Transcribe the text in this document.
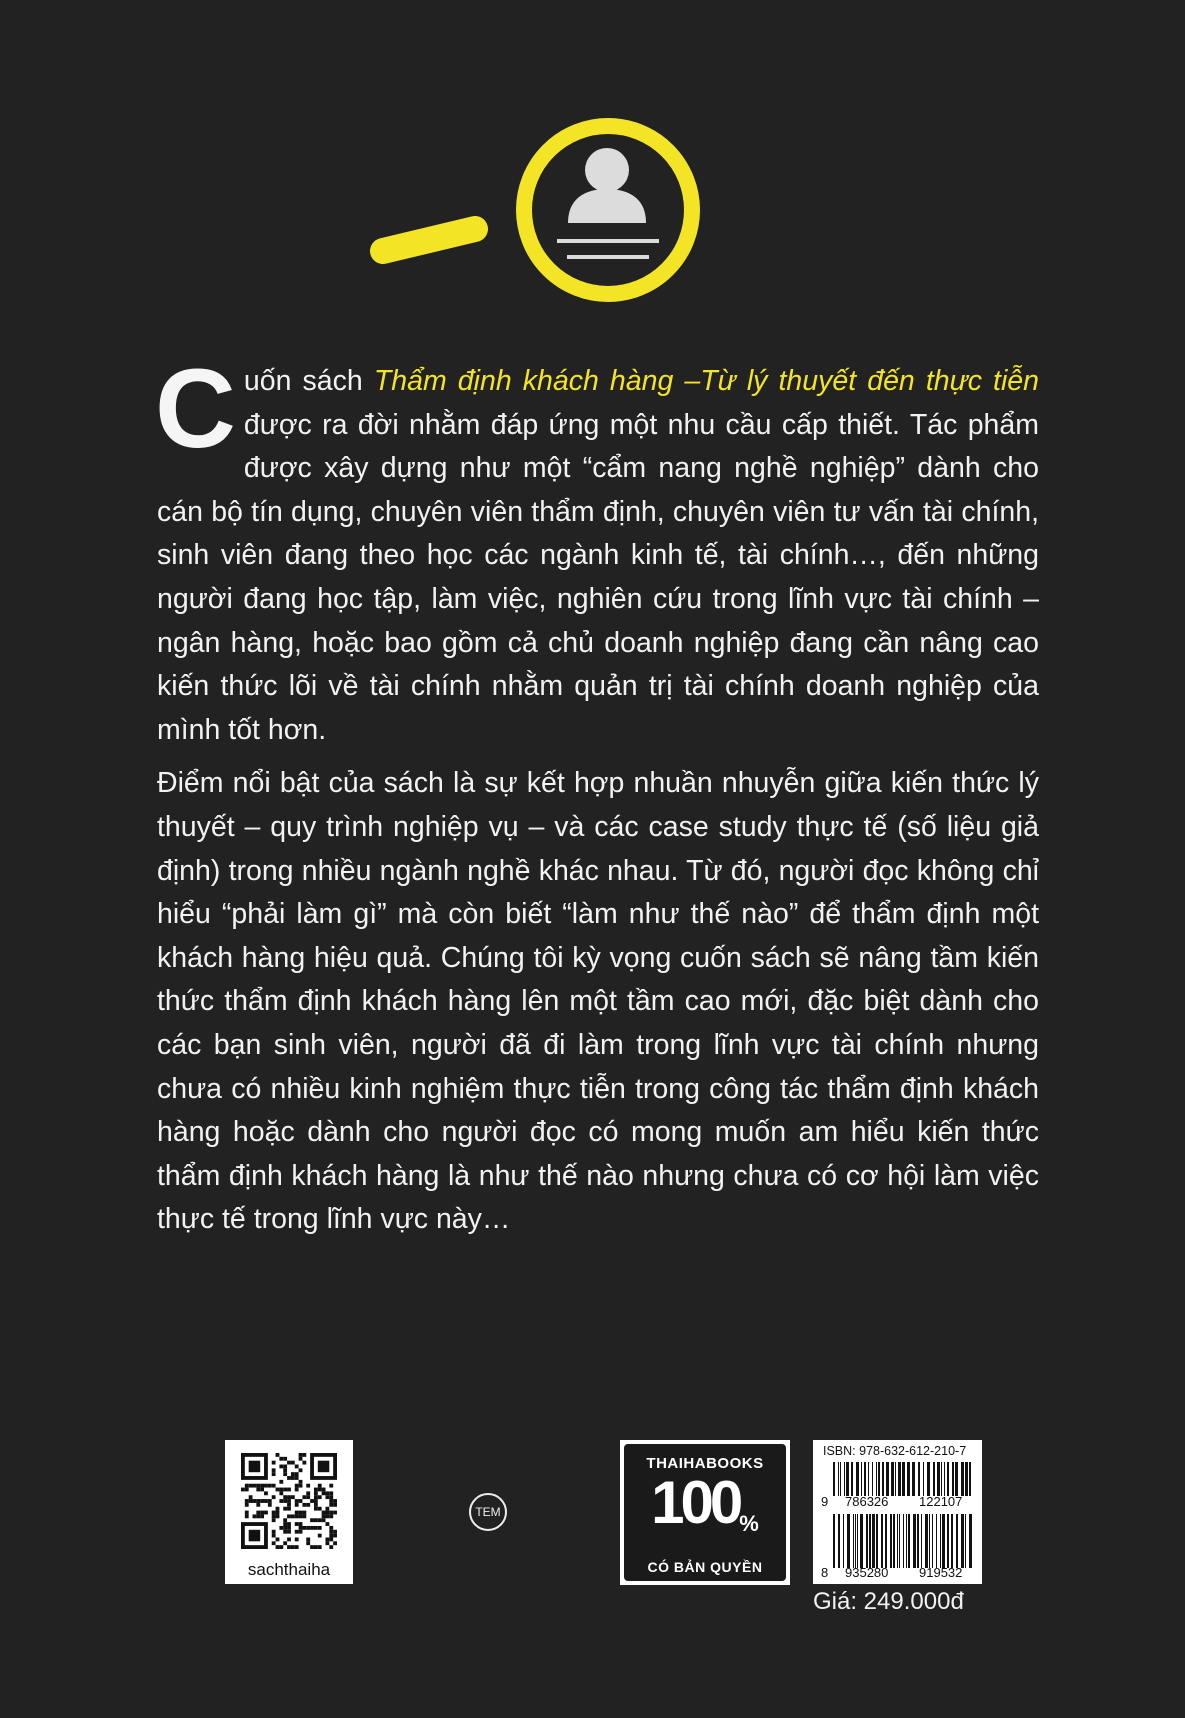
Cuốn sách Thẩm định khách hàng –Từ lý thuyết đến thực tiễn được ra đời nhằm đáp ứng một nhu cầu cấp thiết. Tác phẩm được xây dựng như một “cẩm nang nghề nghiệp” dành cho cán bộ tín dụng, chuyên viên thẩm định, chuyên viên tư vấn tài chính, sinh viên đang theo học các ngành kinh tế, tài chính…, đến những người đang học tập, làm việc, nghiên cứu trong lĩnh vực tài chính – ngân hàng, hoặc bao gồm cả chủ doanh nghiệp đang cần nâng cao kiến thức lõi về tài chính nhằm quản trị tài chính doanh nghiệp của mình tốt hơn.

Điểm nổi bật của sách là sự kết hợp nhuần nhuyễn giữa kiến thức lý thuyết – quy trình nghiệp vụ – và các case study thực tế (số liệu giả định) trong nhiều ngành nghề khác nhau. Từ đó, người đọc không chỉ hiểu “phải làm gì” mà còn biết “làm như thế nào” để thẩm định một khách hàng hiệu quả. Chúng tôi kỳ vọng cuốn sách sẽ nâng tầm kiến thức thẩm định khách hàng lên một tầm cao mới, đặc biệt dành cho các bạn sinh viên, người đã đi làm trong lĩnh vực tài chính nhưng chưa có nhiều kinh nghiệm thực tiễn trong công tác thẩm định khách hàng hoặc dành cho người đọc có mong muốn am hiểu kiến thức thẩm định khách hàng là như thế nào nhưng chưa có cơ hội làm việc thực tế trong lĩnh vực này…

sachthaiha
TEM
THAIHABOOKS
100%
CÓ BẢN QUYỀN
ISBN: 978-632-612-210-7
9 786326 122107
8 935280 919532
Giá: 249.000đ
